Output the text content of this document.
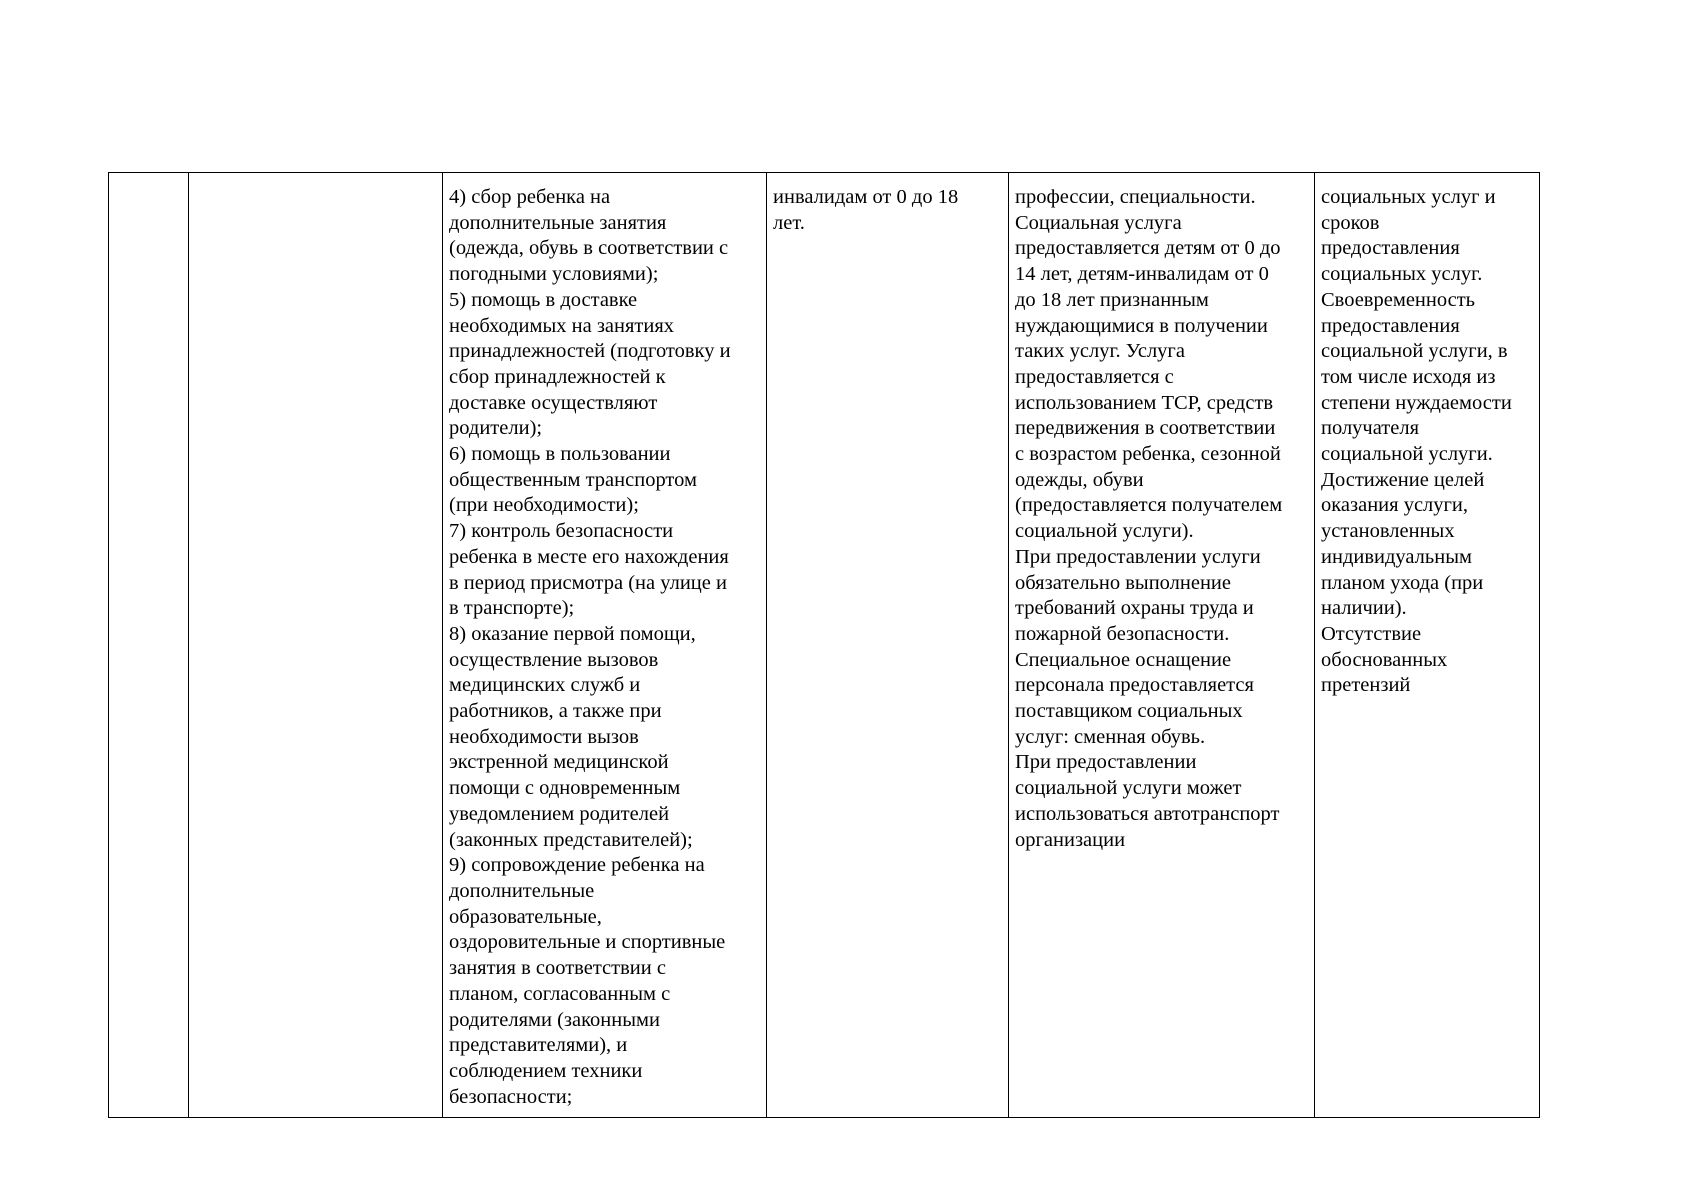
		4) сбор ребенка на
дополнительные занятия
(одежда, обувь в соответствии с
погодными условиями);
5) помощь в доставке
необходимых на занятиях
принадлежностей (подготовку и
сбор принадлежностей к
доставке осуществляют
родители);
6) помощь в пользовании
общественным транспортом
(при необходимости);
7) контроль безопасности
ребенка в месте его нахождения
в период присмотра (на улице и
в транспорте);
8) оказание первой помощи,
осуществление вызовов
медицинских служб и
работников, а также при
необходимости вызов
экстренной медицинской
помощи с одновременным
уведомлением родителей
(законных представителей);
9) сопровождение ребенка на
дополнительные
образовательные,
оздоровительные и спортивные
занятия в соответствии с
планом, согласованным с
родителями (законными
представителями), и
соблюдением техники
безопасности;	инвалидам от 0 до 18
лет.	профессии, специальности.
Социальная услуга
предоставляется детям от 0 до
14 лет, детям-инвалидам от 0
до 18 лет признанным
нуждающимися в получении
таких услуг. Услуга
предоставляется с
использованием ТСР, средств
передвижения в соответствии
с возрастом ребенка, сезонной
одежды, обуви
(предоставляется получателем
социальной услуги).
При предоставлении услуги
обязательно выполнение
требований охраны труда и
пожарной безопасности.
Специальное оснащение
персонала предоставляется
поставщиком социальных
услуг: сменная обувь.
При предоставлении
социальной услуги может
использоваться автотранспорт
организации	социальных услуг и
сроков
предоставления
социальных услуг.
Своевременность
предоставления
социальной услуги, в
том числе исходя из
степени нуждаемости
получателя
социальной услуги.
Достижение целей
оказания услуги,
установленных
индивидуальным
планом ухода (при
наличии).
Отсутствие
обоснованных
претензий
